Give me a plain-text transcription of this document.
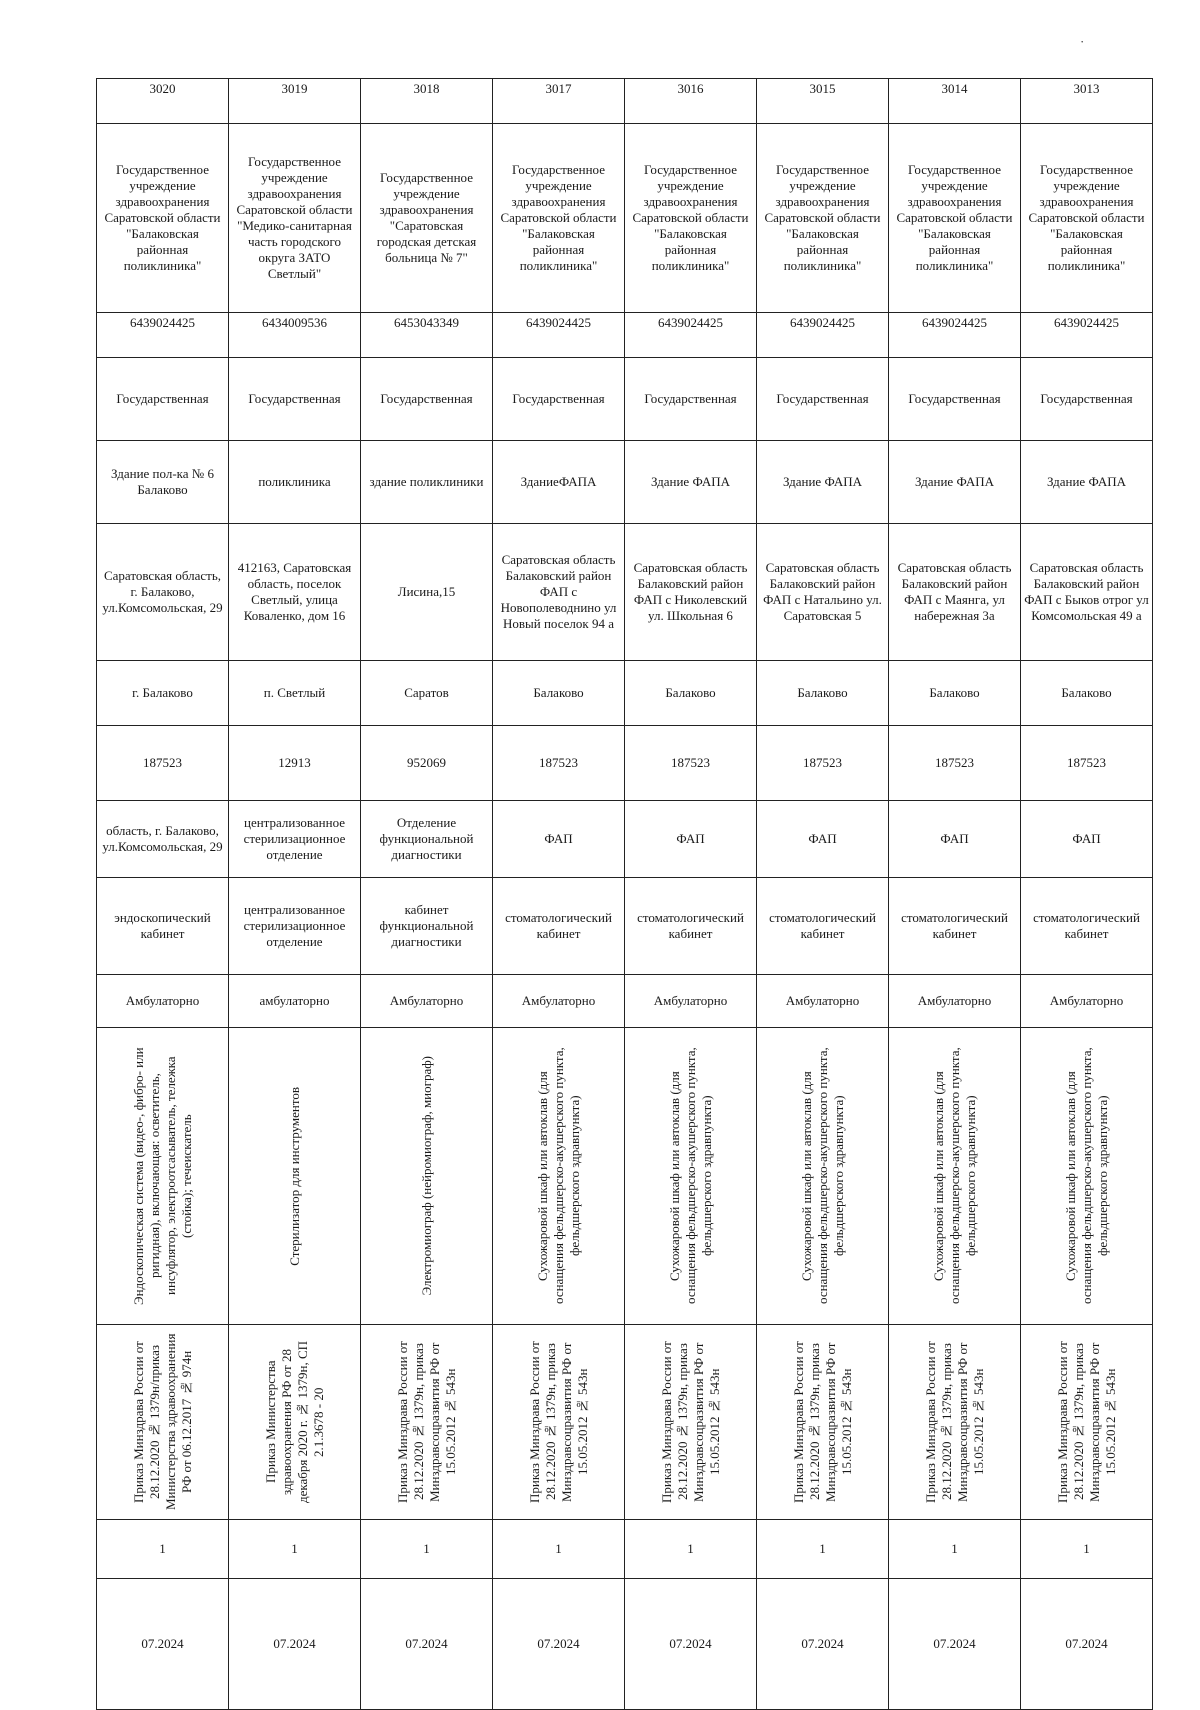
·
3020	3019	3018	3017	3016	3015	3014	3013
Государственное учреждение здравоохранения Саратовской области "Балаковская районная поликлиника"	Государственное учреждение здравоохранения Саратовской области "Медико-санитарная часть городского округа ЗАТО Светлый"	Государственное учреждение здравоохранения "Саратовская городская детская больница № 7"	Государственное учреждение здравоохранения Саратовской области "Балаковская районная поликлиника"	Государственное учреждение здравоохранения Саратовской области "Балаковская районная поликлиника"	Государственное учреждение здравоохранения Саратовской области "Балаковская районная поликлиника"	Государственное учреждение здравоохранения Саратовской области "Балаковская районная поликлиника"	Государственное учреждение здравоохранения Саратовской области "Балаковская районная поликлиника"
6439024425	6434009536	6453043349	6439024425	6439024425	6439024425	6439024425	6439024425
Государственная	Государственная	Государственная	Государственная	Государственная	Государственная	Государственная	Государственная
Здание пол-ка № 6 Балаково	поликлиника	здание поликлиники	ЗданиеФАПА	Здание ФАПА	Здание ФАПА	Здание ФАПА	Здание ФАПА
Саратовская область, г. Балаково, ул.Комсомольская, 29	412163, Саратовская область, поселок Светлый, улица Коваленко, дом 16	Лисина,15	Саратовская область Балаковский район ФАП с Новополеводнино ул Новый поселок 94 а	Саратовская область Балаковский район ФАП с Николевский ул. Школьная 6	Саратовская область Балаковский район ФАП с Натальино ул. Саратовская 5	Саратовская область Балаковский район ФАП с Маянга, ул набережная 3а	Саратовская область Балаковский район ФАП с Быков отрог ул Комсомольская 49 а
г. Балаково	п. Светлый	Саратов	Балаково	Балаково	Балаково	Балаково	Балаково
187523	12913	952069	187523	187523	187523	187523	187523
область, г. Балаково, ул.Комсомольская, 29	централизованное стерилизационное отделение	Отделение функциональной диагностики	ФАП	ФАП	ФАП	ФАП	ФАП
эндоскопический кабинет	централизованное стерилизационное отделение	кабинет функциональной диагностики	стоматологический кабинет	стоматологический кабинет	стоматологический кабинет	стоматологический кабинет	стоматологический кабинет
Амбулаторно	амбулаторно	Амбулаторно	Амбулаторно	Амбулаторно	Амбулаторно	Амбулаторно	Амбулаторно

Эндоскопическая система (видео-, фибро- или ригидная), включающая: осветитель, инсуфлятор, электроотсасыватель, тележка (стойка); течеискатель	Стерилизатор для инструментов	Электромиограф (нейромиограф, миограф)	Сухожаровой шкаф или автоклав (для оснащения фельдшерско-акушерского пункта, фельдшерского здравпункта)	Сухожаровой шкаф или автоклав (для оснащения фельдшерско-акушерского пункта, фельдшерского здравпункта)	Сухожаровой шкаф или автоклав (для оснащения фельдшерско-акушерского пункта, фельдшерского здравпункта)	Сухожаровой шкаф или автоклав (для оснащения фельдшерско-акушерского пункта, фельдшерского здравпункта)	Сухожаровой шкаф или автоклав (для оснащения фельдшерско-акушерского пункта, фельдшерского здравпункта)

Приказ Минздрава России от 28.12.2020 № 1379н/приказ Министерства здравоохранения РФ от 06.12.2017 № 974н	Приказ Министерства здравоохранения РФ от 28 декабря 2020 г. № 1379н, СП 2.1.3678 - 20	Приказ Минздрава России от 28.12.2020 № 1379н, приказ Минздравсоцразвития РФ от 15.05.2012 № 543н	Приказ Минздрава России от 28.12.2020 № 1379н, приказ Минздравсоцразвития РФ от 15.05.2012 № 543н	Приказ Минздрава России от 28.12.2020 № 1379н, приказ Минздравсоцразвития РФ от 15.05.2012 № 543н	Приказ Минздрава России от 28.12.2020 № 1379н, приказ Минздравсоцразвития РФ от 15.05.2012 № 543н	Приказ Минздрава России от 28.12.2020 № 1379н, приказ Минздравсоцразвития РФ от 15.05.2012 № 543н	Приказ Минздрава России от 28.12.2020 № 1379н, приказ Минздравсоцразвития РФ от 15.05.2012 № 543н

1	1	1	1	1	1	1	1
07.2024	07.2024	07.2024	07.2024	07.2024	07.2024	07.2024	07.2024
